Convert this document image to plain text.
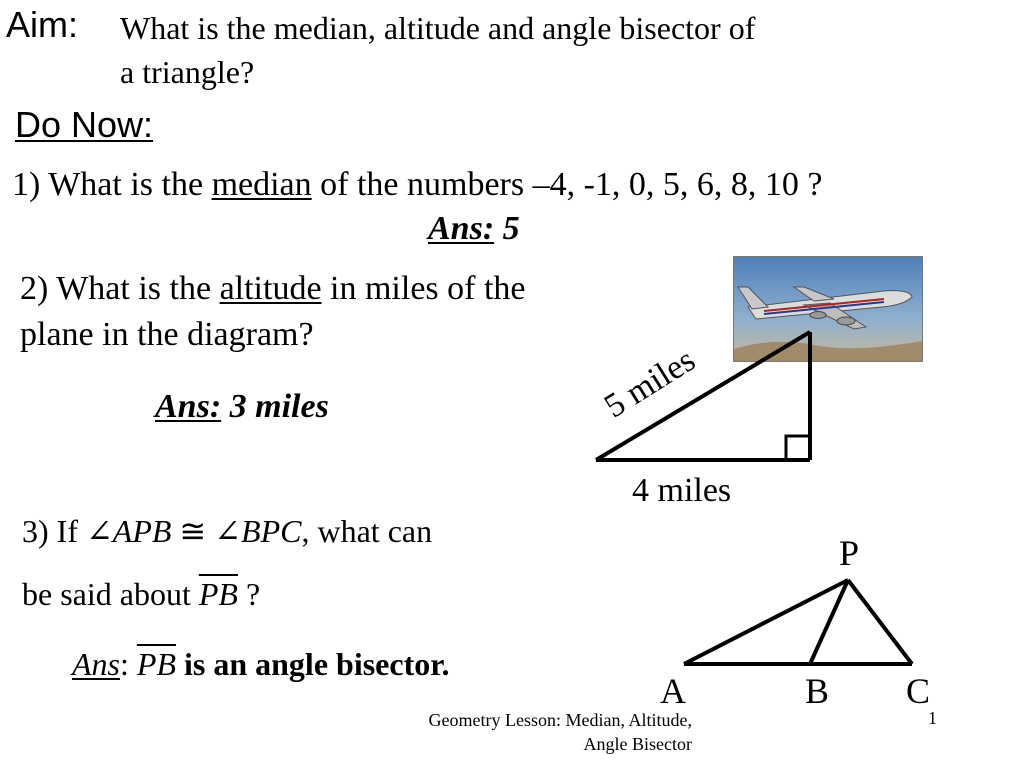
Aim: What is the median, altitude and angle bisector of a triangle?
Do Now:
1) What is the median of the numbers –4, -1, 0, 5, 6, 8, 10 ?
Ans: 5
2) What is the altitude in miles of the plane in the diagram?
Ans: 3 miles	5 miles
4 miles
3) If ∠APB ≅ ∠BPC, what can
be said about $\overline{PB}$ ?
Ans: $\overline{PB}$ is an angle bisector.
P
A	B C
Geometry Lesson: Median, Altitude, Angle Bisector
1
